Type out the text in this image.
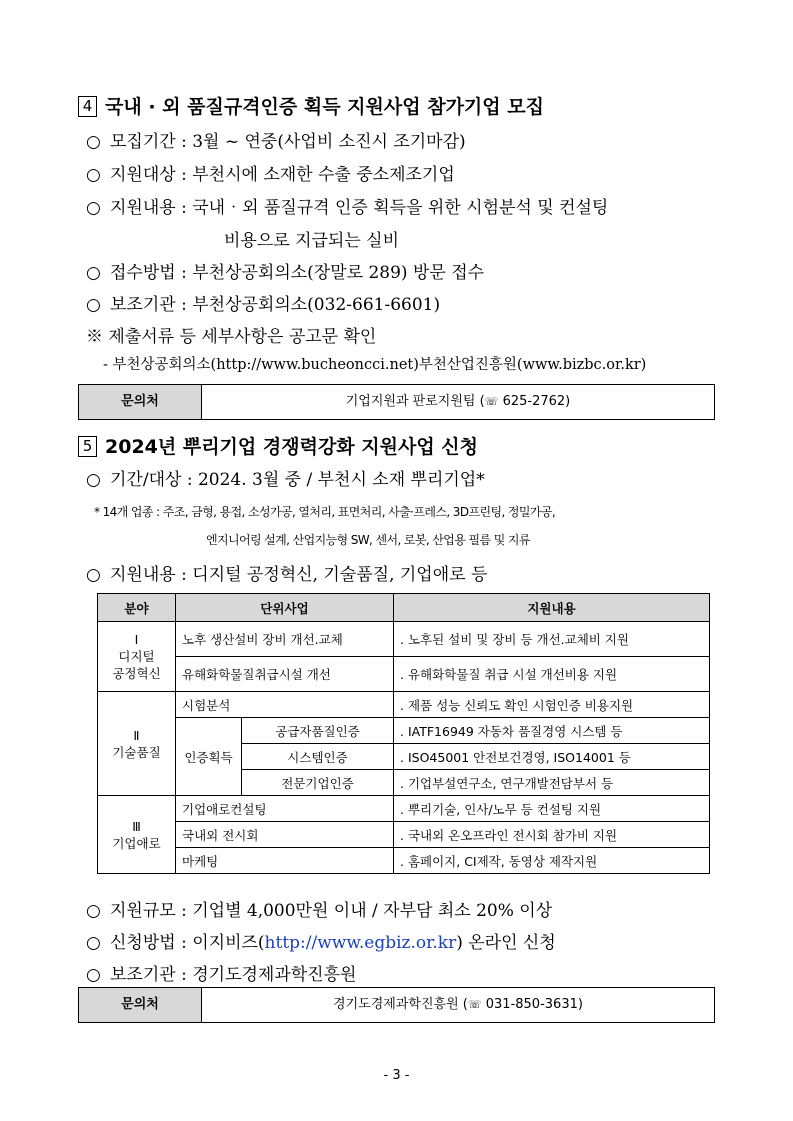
4 국내 · 외 품질규격인증 획득 지원사업 참가기업 모집
○ 모집기간 : 3월 ~ 연중(사업비 소진시 조기마감)
○ 지원대상 : 부천시에 소재한 수출 중소제조기업
○ 지원내용 : 국내‧외 품질규격 인증 획득을 위한 시험분석 및 컨설팅
비용으로 지급되는 실비
○ 접수방법 : 부천상공회의소(장말로 289) 방문 접수
○ 보조기관 : 부천상공회의소(032-661-6601)
※ 제출서류 등 세부사항은 공고문 확인
- 부천상공회의소(http://www.bucheoncci.net)부천산업진흥원(www.bizbc.or.kr)
문의처	기업지원과 판로지원팀 (☏ 625-2762)
5 2024년 뿌리기업 경쟁력강화 지원사업 신청
○ 기간/대상 : 2024. 3월 중 / 부천시 소재 뿌리기업*
* 14개 업종 : 주조, 금형, 용접, 소성가공, 열처리, 표면처리, 사출·프레스, 3D프린팅, 정밀가공,
엔지니어링 설계, 산업지능형 SW, 센서, 로봇, 산업용 필름 및 지류
○ 지원내용 : 디지털 공정혁신, 기술품질, 기업애로 등
분야	단위사업		지원내용

Ⅰ
디지털
공정혁신	노후 생산설비 장비 개선.교체		. 노후된 설비 및 장비 등 개선.교체비 지원
	유해화학물질취급시설 개선		. 유해화학물질 취급 시설 개선비용 지원

Ⅱ
기술품질	시험분석		. 제품 성능 신뢰도 확인 시험인증 비용지원
	인증획득	공급자품질인증	. IATF16949 자동차 품질경영 시스템 등
		시스템인증	. ISO45001 안전보건경영, ISO14001 등
		전문기업인증	. 기업부설연구소, 연구개발전담부서 등

Ⅲ
기업애로	기업애로컨설팅		. 뿌리기술, 인사/노무 등 컨설팅 지원
	국내외 전시회		. 국내외 온오프라인 전시회 참가비 지원
	마케팅		. 홈페이지, CI제작, 동영상 제작지원
○ 지원규모 : 기업별 4,000만원 이내 / 자부담 최소 20% 이상
○ 신청방법 : 이지비즈(http://www.egbiz.or.kr) 온라인 신청
○ 보조기관 : 경기도경제과학진흥원
문의처	경기도경제과학진흥원 (☏ 031-850-3631)
- 3 -
